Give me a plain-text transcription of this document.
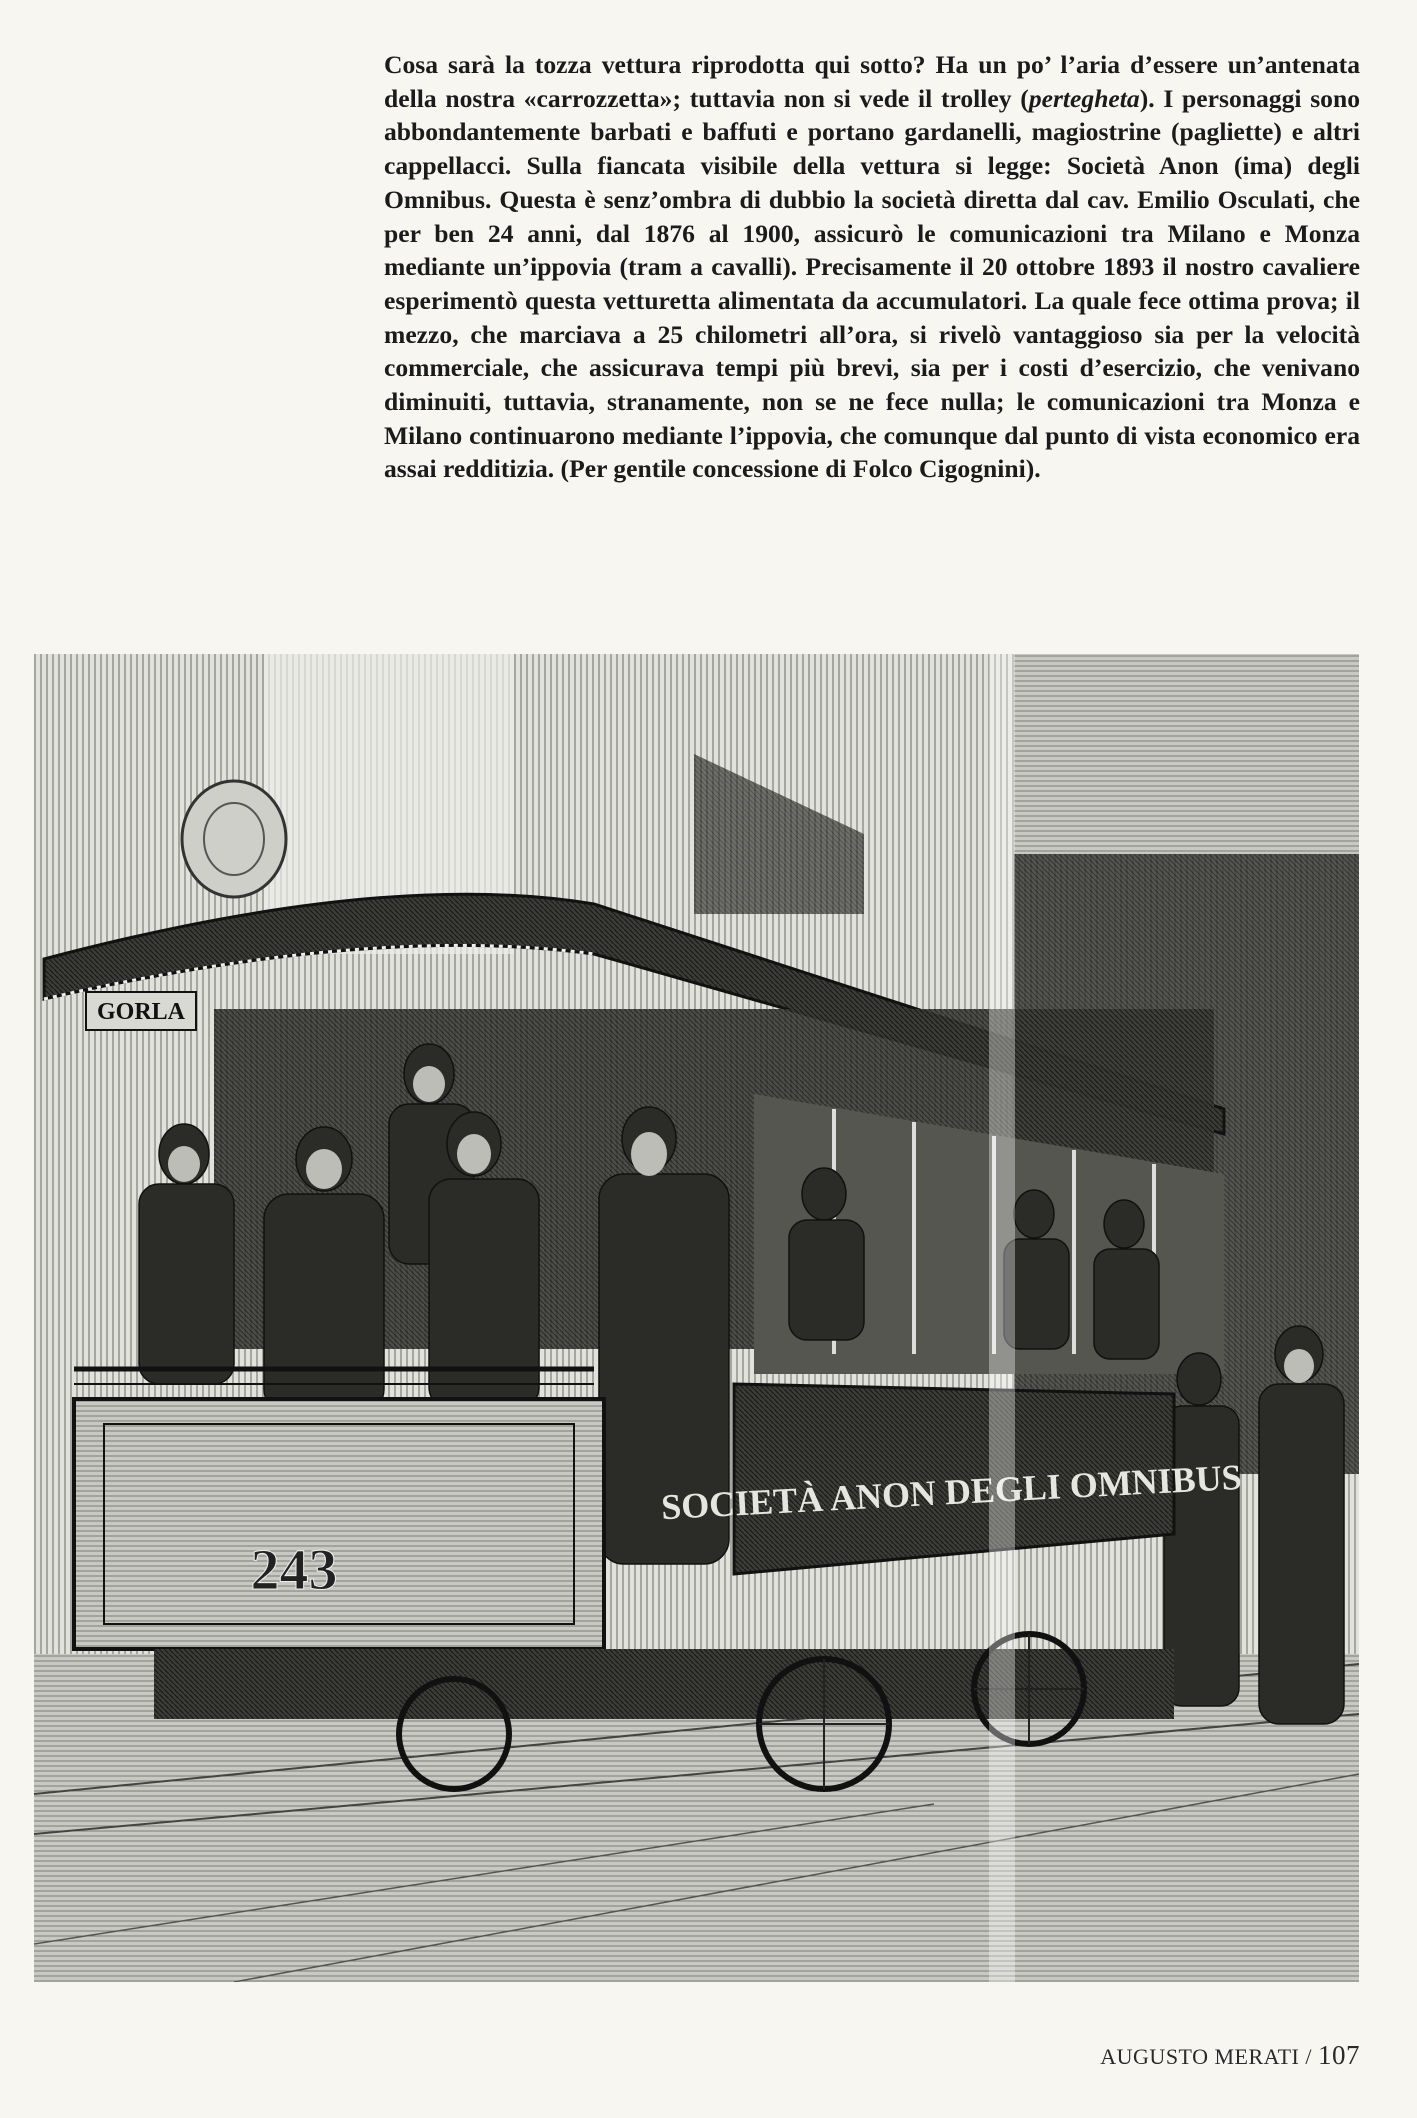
Cosa sarà la tozza vettura riprodotta qui sotto? Ha un po’ l’aria d’essere un’antenata della nostra «carrozzetta»; tuttavia non si vede il trolley (pertegheta). I personaggi sono abbondantemente barbati e baffuti e portano gardanelli, magiostrine (pagliette) e altri cappellacci. Sulla fiancata visibile della vettura si legge: Società Anon (ima) degli Omnibus. Questa è senz’ombra di dubbio la società diretta dal cav. Emilio Osculati, che per ben 24 anni, dal 1876 al 1900, assicurò le comunicazioni tra Milano e Monza mediante un’ippovia (tram a cavalli). Precisamente il 20 ottobre 1893 il nostro cavaliere esperimentò questa vetturetta alimentata da accumulatori. La quale fece ottima prova; il mezzo, che marciava a 25 chilometri all’ora, si rivelò vantaggioso sia per la velocità commerciale, che assicurava tempi più brevi, sia per i costi d’esercizio, che venivano diminuiti, tuttavia, stranamente, non se ne fece nulla; le comunicazioni tra Monza e Milano continuarono mediante l’ippovia, che comunque dal punto di vista economico era assai redditizia. (Per gentile concessione di Folco Cigognini).

GORLA
243
SOCIETÀ ANON DEGLI OMNIBUS
AUGUSTO MERATI / 107
